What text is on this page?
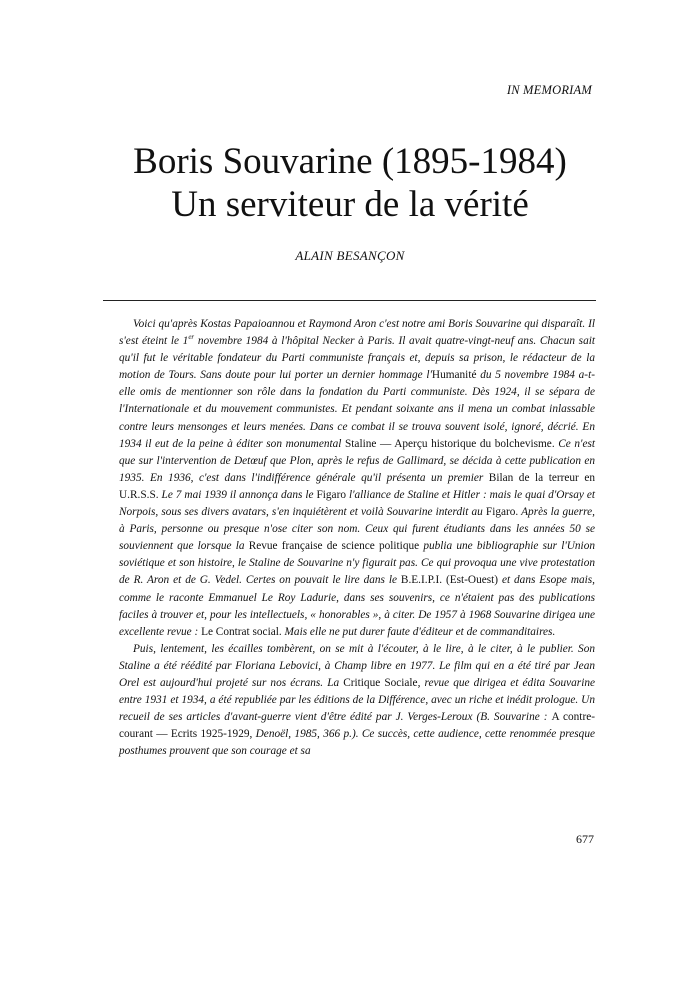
IN MEMORIAM
Boris Souvarine (1895-1984)
Un serviteur de la vérité
ALAIN BESANÇON

Voici qu'après Kostas Papaioannou et Raymond Aron c'est notre ami Boris Souvarine qui disparaît. Il s'est éteint le 1er novembre 1984 à l'hôpital Necker à Paris. Il avait quatre-vingt-neuf ans. Chacun sait qu'il fut le véritable fondateur du Parti communiste français et, depuis sa prison, le rédacteur de la motion de Tours. Sans doute pour lui porter un dernier hommage l'Humanité du 5 novembre 1984 a-t-elle omis de mentionner son rôle dans la fondation du Parti communiste. Dès 1924, il se sépara de l'Internationale et du mouvement communistes. Et pendant soixante ans il mena un combat inlassable contre leurs mensonges et leurs menées. Dans ce combat il se trouva souvent isolé, ignoré, décrié. En 1934 il eut de la peine à éditer son monumental Staline — Aperçu historique du bolchevisme. Ce n'est que sur l'intervention de Detœuf que Plon, après le refus de Gallimard, se décida à cette publication en 1935. En 1936, c'est dans l'indifférence générale qu'il présenta un premier Bilan de la terreur en U.R.S.S. Le 7 mai 1939 il annonça dans le Figaro l'alliance de Staline et Hitler : mais le quai d'Orsay et Norpois, sous ses divers avatars, s'en inquiétèrent et voilà Souvarine interdit au Figaro. Après la guerre, à Paris, personne ou presque n'ose citer son nom. Ceux qui furent étudiants dans les années 50 se souviennent que lorsque la Revue française de science politique publia une bibliographie sur l'Union soviétique et son histoire, le Staline de Souvarine n'y figurait pas. Ce qui provoqua une vive protestation de R. Aron et de G. Vedel. Certes on pouvait le lire dans le B.E.I.P.I. (Est-Ouest) et dans Esope mais, comme le raconte Emmanuel Le Roy Ladurie, dans ses souvenirs, ce n'étaient pas des publications faciles à trouver et, pour les intellectuels, « honorables », à citer. De 1957 à 1968 Souvarine dirigea une excellente revue : Le Contrat social. Mais elle ne put durer faute d'éditeur et de commanditaires.

Puis, lentement, les écailles tombèrent, on se mit à l'écouter, à le lire, à le citer, à le publier. Son Staline a été réédité par Floriana Lebovici, à Champ libre en 1977. Le film qui en a été tiré par Jean Orel est aujourd'hui projeté sur nos écrans. La Critique Sociale, revue que dirigea et édita Souvarine entre 1931 et 1934, a été republiée par les éditions de la Différence, avec un riche et inédit prologue. Un recueil de ses articles d'avant-guerre vient d'être édité par J. Verges-Leroux (B. Souvarine : A contre-courant — Ecrits 1925-1929, Denoël, 1985, 366 p.). Ce succès, cette audience, cette renommée presque posthumes prouvent que son courage et sa

677
